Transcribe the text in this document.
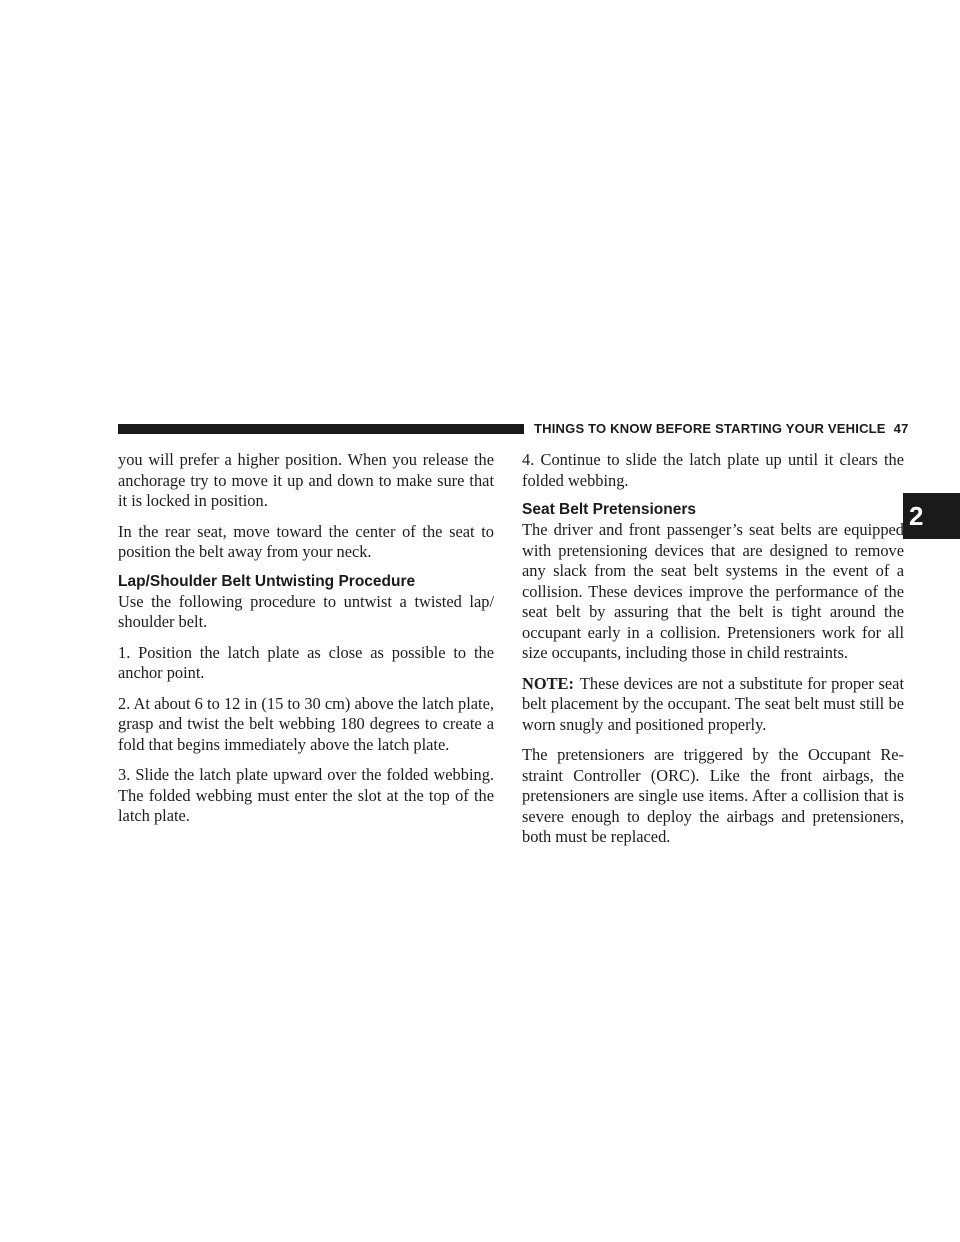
THINGS TO KNOW BEFORE STARTING YOUR VEHICLE 47
2

you will prefer a higher position. When you release the anchorage try to move it up and down to make sure that it is locked in position.

In the rear seat, move toward the center of the seat to position the belt away from your neck.

Lap/Shoulder Belt Untwisting Procedure

Use the following procedure to untwist a twisted lap/ shoulder belt.

1. Position the latch plate as close as possible to the anchor point.

2. At about 6 to 12 in (15 to 30 cm) above the latch plate, grasp and twist the belt webbing 180 degrees to create a fold that begins immediately above the latch plate.

3. Slide the latch plate upward over the folded webbing. The folded webbing must enter the slot at the top of the latch plate.

4. Continue to slide the latch plate up until it clears the folded webbing.

Seat Belt Pretensioners

The driver and front passenger’s seat belts are equipped with pretensioning devices that are designed to remove any slack from the seat belt systems in the event of a collision. These devices improve the performance of the seat belt by assuring that the belt is tight around the occupant early in a collision. Pretensioners work for all size occupants, including those in child restraints.

NOTE: These devices are not a substitute for proper seat belt placement by the occupant. The seat belt must still be worn snugly and positioned properly.

The pretensioners are triggered by the Occupant Re- straint Controller (ORC). Like the front airbags, the pretensioners are single use items. After a collision that is severe enough to deploy the airbags and pretensioners, both must be replaced.
